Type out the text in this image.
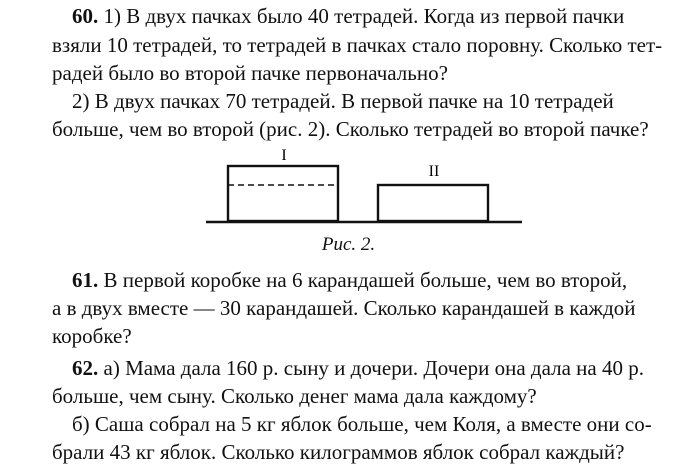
60. 1) В двух пачках было 40 тетрадей. Когда из первой пачки
взяли 10 тетрадей, то тетрадей в пачках стало поровну. Сколько тет-
радей было во второй пачке первоначально?
2) В двух пачках 70 тетрадей. В первой пачке на 10 тетрадей
больше, чем во второй (рис. 2). Сколько тетрадей во второй пачке?
I
II
Рис. 2.
61. В первой коробке на 6 карандашей больше, чем во второй,
а в двух вместе — 30 карандашей. Сколько карандашей в каждой
коробке?
62. а) Мама дала 160 р. сыну и дочери. Дочери она дала на 40 р.
больше, чем сыну. Сколько денег мама дала каждому?
б) Саша собрал на 5 кг яблок больше, чем Коля, а вместе они со-
брали 43 кг яблок. Сколько килограммов яблок собрал каждый?
